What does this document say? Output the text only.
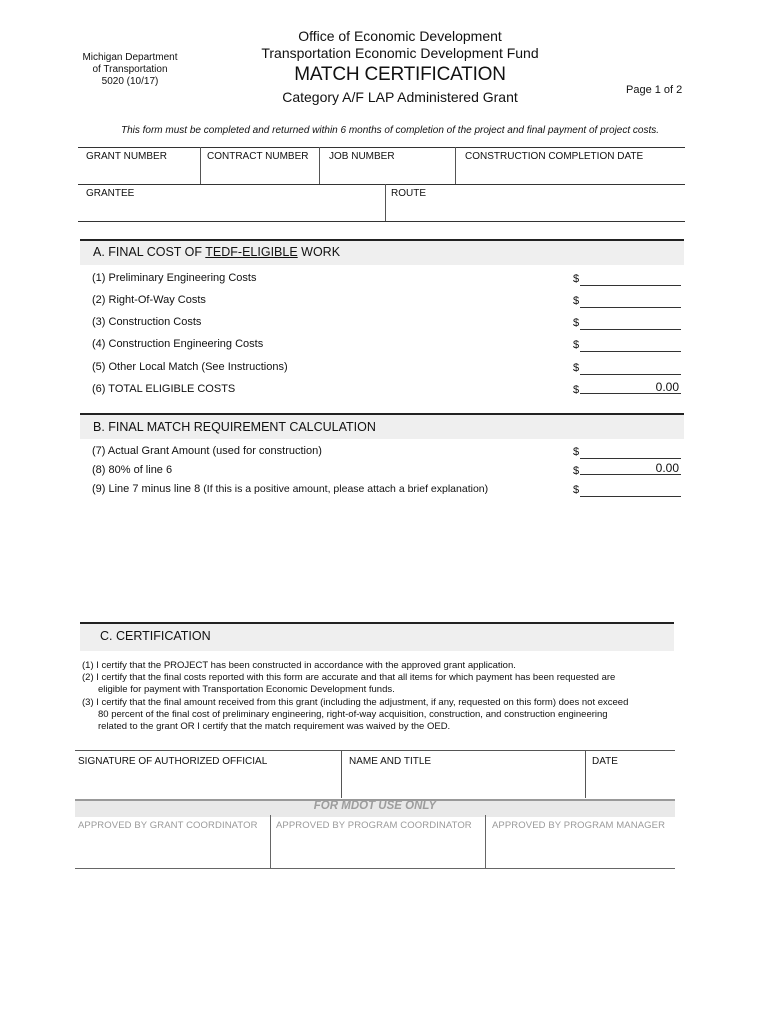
Michigan Department
of Transportation
5020 (10/17)
Office of Economic Development
Transportation Economic Development Fund
MATCH CERTIFICATION
Category A/F LAP Administered Grant	Page 1 of 2
This form must be completed and returned within 6 months of completion of the project and final payment of project costs.
GRANT NUMBER	CONTRACT NUMBER JOB NUMBER	CONSTRUCTION COMPLETION DATE
GRANTEE	ROUTE
A. FINAL COST OF TEDF-ELIGIBLE WORK
(1) Preliminary Engineering Costs	$
(2) Right-Of-Way Costs	$
(3) Construction Costs	$
(4) Construction Engineering Costs	$
(5) Other Local Match (See Instructions)	$
(6) TOTAL ELIGIBLE COSTS	$	0.00
B. FINAL MATCH REQUIREMENT CALCULATION
(7) Actual Grant Amount (used for construction)	$
(8) 80% of line 6	$	0.00
(9) Line 7 minus line 8 (If this is a positive amount, please attach a brief explanation)	$
C. CERTIFICATION

(1) I certify that the PROJECT has been constructed in accordance with the approved grant application.

(2) I certify that the final costs reported with this form are accurate and that all items for which payment has been requested are

eligible for payment with Transportation Economic Development funds.

(3) I certify that the final amount received from this grant (including the adjustment, if any, requested on this form) does not exceed

80 percent of the final cost of preliminary engineering, right-of-way acquisition, construction, and construction engineering

related to the grant OR I certify that the match requirement was waived by the OED.

SIGNATURE OF AUTHORIZED OFFICIAL	NAME AND TITLE	DATE
FOR MDOT USE ONLY
APPROVED BY GRANT COORDINATOR APPROVED BY PROGRAM COORDINATOR APPROVED BY PROGRAM MANAGER
